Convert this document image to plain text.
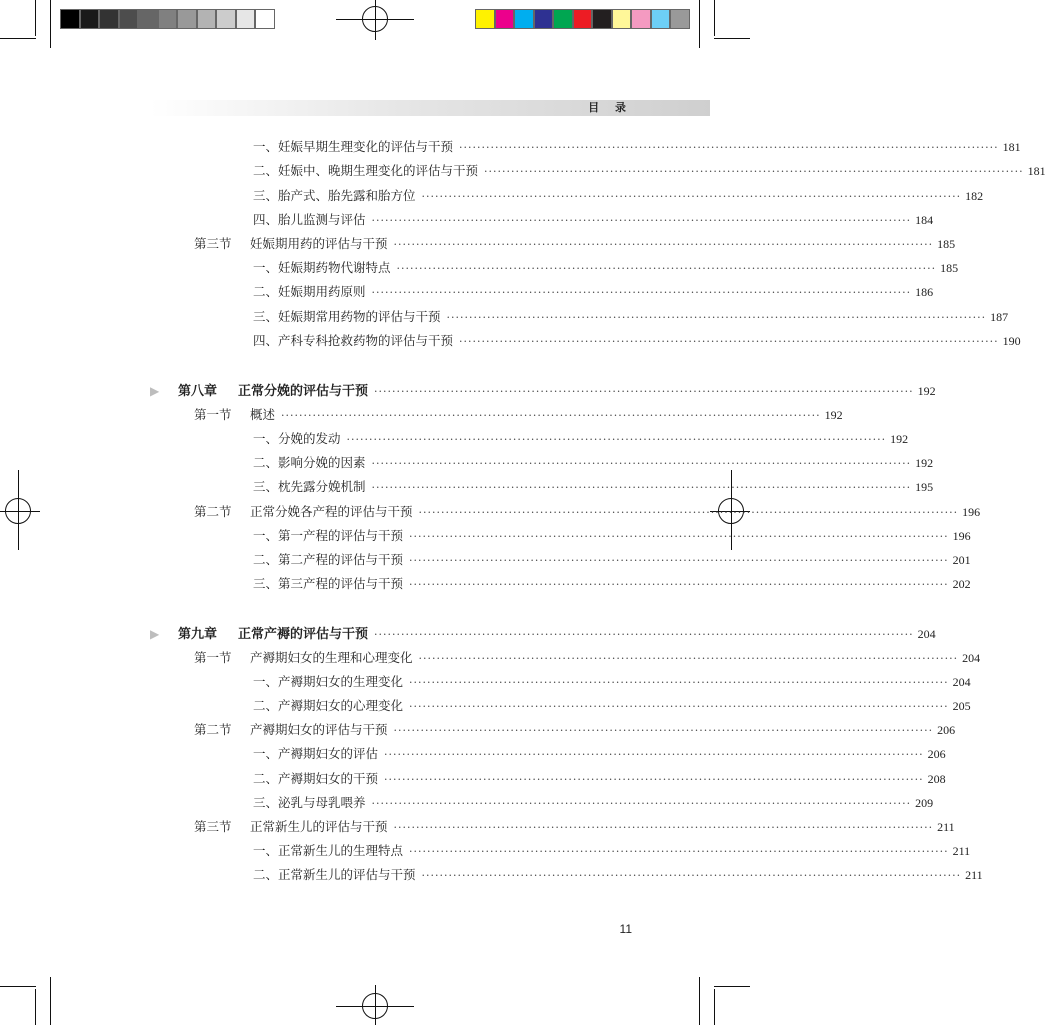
目 录
一、妊娠早期生理变化的评估与干预 ························································································································ 181
二、妊娠中、晚期生理变化的评估与干预 ························································································································ 181
三、胎产式、胎先露和胎方位 ························································································································ 182
四、胎儿监测与评估 ························································································································ 184
第三节 妊娠期用药的评估与干预 ························································································································ 185
一、妊娠期药物代谢特点 ························································································································ 185
二、妊娠期用药原则 ························································································································ 186
三、妊娠期常用药物的评估与干预 ························································································································ 187
四、产科专科抢救药物的评估与干预 ························································································································ 190
▶ 第八章 正常分娩的评估与干预 ························································································································ 192
第一节 概述 ························································································································ 192
一、分娩的发动 ························································································································ 192
二、影响分娩的因素 ························································································································ 192
三、枕先露分娩机制 ························································································································ 195
第二节 正常分娩各产程的评估与干预 ························································································································ 196
一、第一产程的评估与干预 ························································································································ 196
二、第二产程的评估与干预 ························································································································ 201
三、第三产程的评估与干预 ························································································································ 202
▶ 第九章 正常产褥的评估与干预 ························································································································ 204
第一节 产褥期妇女的生理和心理变化 ························································································································ 204
一、产褥期妇女的生理变化 ························································································································ 204
二、产褥期妇女的心理变化 ························································································································ 205
第二节 产褥期妇女的评估与干预 ························································································································ 206
一、产褥期妇女的评估 ························································································································ 206
二、产褥期妇女的干预 ························································································································ 208
三、泌乳与母乳喂养 ························································································································ 209
第三节 正常新生儿的评估与干预 ························································································································ 211
一、正常新生儿的生理特点 ························································································································ 211
二、正常新生儿的评估与干预 ························································································································ 211
11
